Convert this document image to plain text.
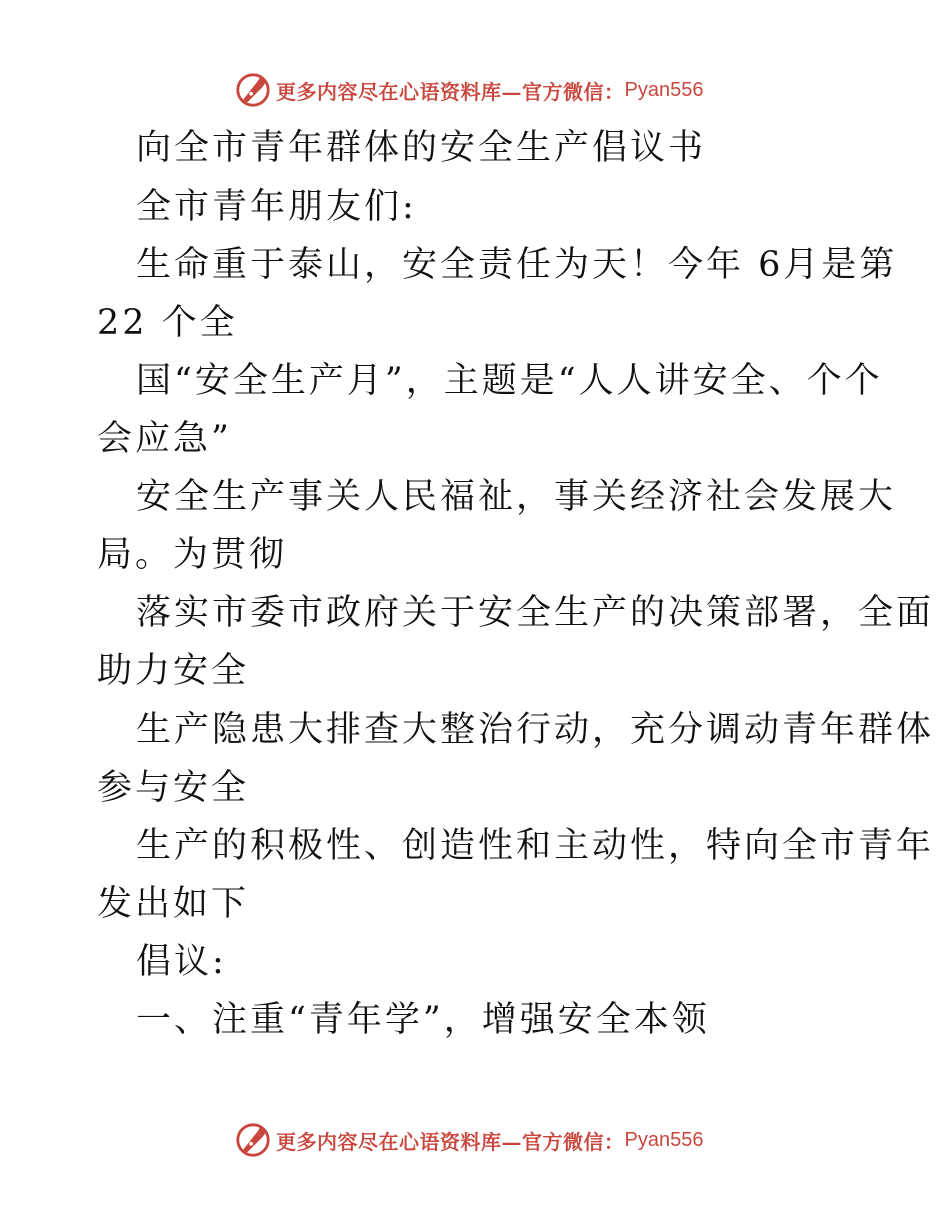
更多内容尽在心语资料库—官方微信： Pyan556
向全市青年群体的安全生产倡议书
全市青年朋友们:
生命重于泰山，安全责任为天！今年 6月是第
22 个全
国“安全生产月”，主题是“人人讲安全、个个
会应急”
安全生产事关人民福祉，事关经济社会发展大
局。为贯彻
落实市委市政府关于安全生产的决策部署，全面
助力安全
生产隐患大排查大整治行动，充分调动青年群体
参与安全
生产的积极性、创造性和主动性，特向全市青年
发出如下
倡议:
一、注重“青年学”，增强安全本领
更多内容尽在心语资料库—官方微信： Pyan556
